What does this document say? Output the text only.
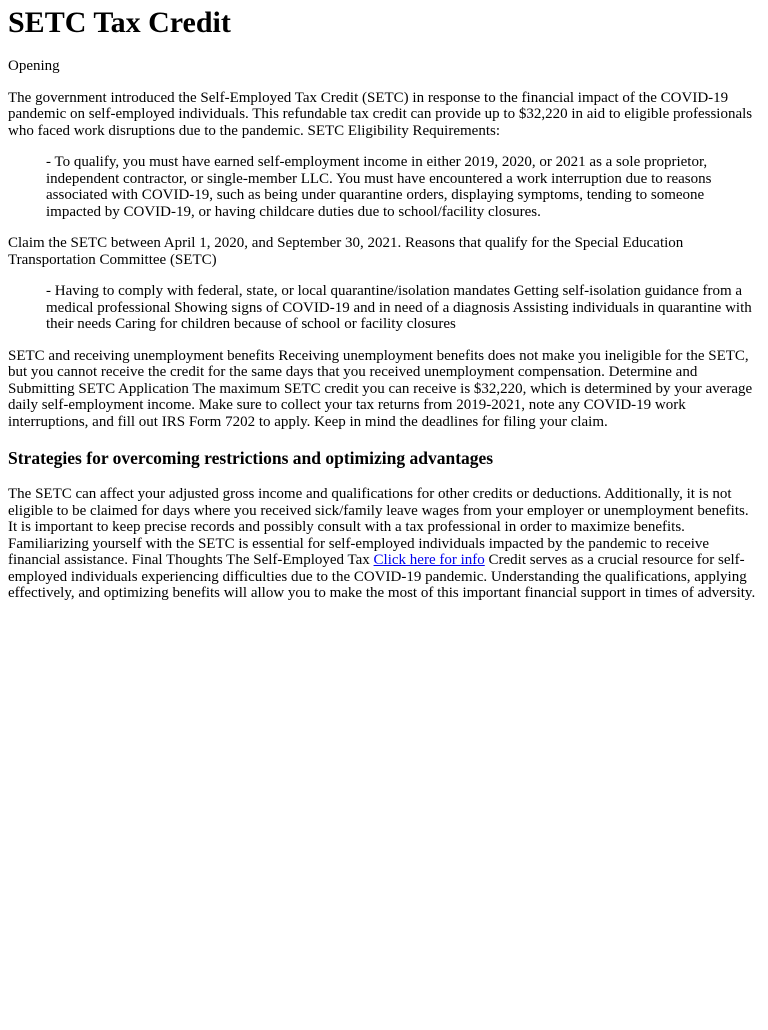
SETC Tax Credit

Opening

The government introduced the Self-Employed Tax Credit (SETC) in response to the financial impact of the COVID-19 pandemic on self-employed individuals. This refundable tax credit can provide up to $32,220 in aid to eligible professionals who faced work disruptions due to the pandemic. SETC Eligibility Requirements:

- To qualify, you must have earned self-employment income in either 2019, 2020, or 2021 as a sole proprietor, independent contractor, or single-member LLC. You must have encountered a work interruption due to reasons associated with COVID-19, such as being under quarantine orders, displaying symptoms, tending to someone impacted by COVID-19, or having childcare duties due to school/facility closures.

Claim the SETC between April 1, 2020, and September 30, 2021. Reasons that qualify for the Special Education Transportation Committee (SETC)

- Having to comply with federal, state, or local quarantine/isolation mandates Getting self-isolation guidance from a medical professional Showing signs of COVID-19 and in need of a diagnosis Assisting individuals in quarantine with their needs Caring for children because of school or facility closures

SETC and receiving unemployment benefits Receiving unemployment benefits does not make you ineligible for the SETC, but you cannot receive the credit for the same days that you received unemployment compensation. Determine and Submitting SETC Application The maximum SETC credit you can receive is $32,220, which is determined by your average daily self-employment income. Make sure to collect your tax returns from 2019-2021, note any COVID-19 work interruptions, and fill out IRS Form 7202 to apply. Keep in mind the deadlines for filing your claim.

Strategies for overcoming restrictions and optimizing advantages

The SETC can affect your adjusted gross income and qualifications for other credits or deductions. Additionally, it is not eligible to be claimed for days where you received sick/family leave wages from your employer or unemployment benefits. It is important to keep precise records and possibly consult with a tax professional in order to maximize benefits. Familiarizing yourself with the SETC is essential for self-employed individuals impacted by the pandemic to receive financial assistance. Final Thoughts The Self-Employed Tax Click here for info Credit serves as a crucial resource for self-employed individuals experiencing difficulties due to the COVID-19 pandemic. Understanding the qualifications, applying effectively, and optimizing benefits will allow you to make the most of this important financial support in times of adversity.
